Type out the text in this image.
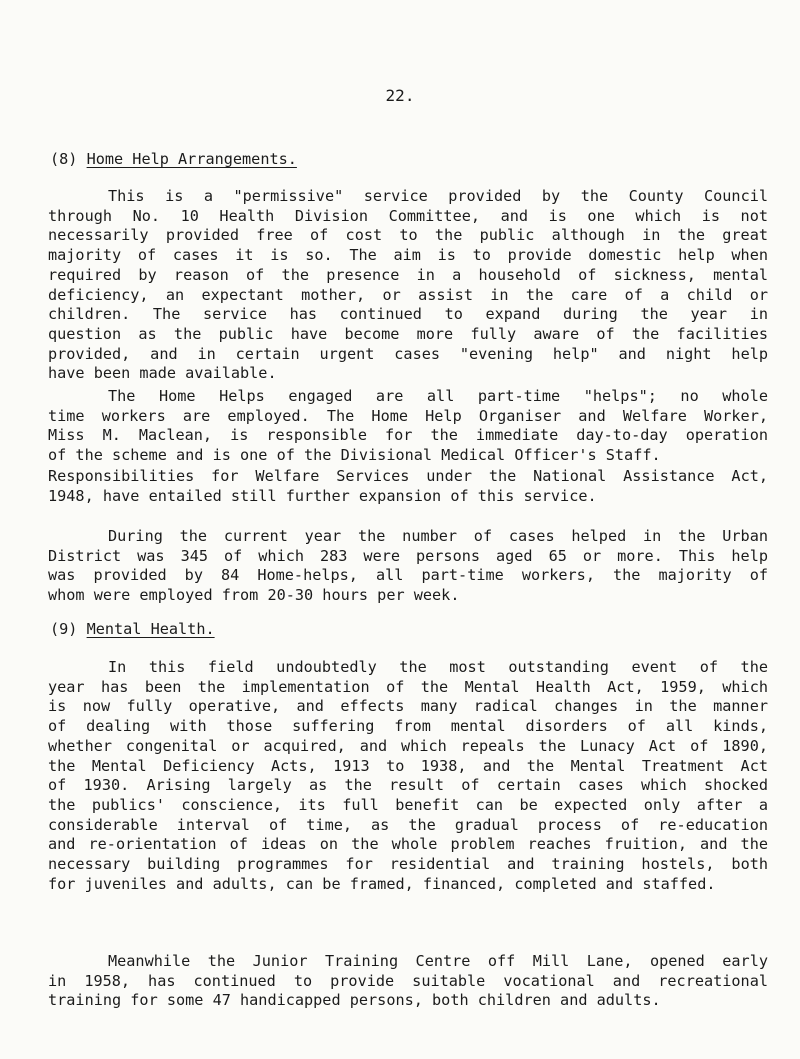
22.
(8) Home Help Arrangements.
This is a "permissive" service provided by the County Council
through No. 10 Health Division Committee, and is one which is not
necessarily provided free of cost to the public although in the great
majority of cases it is so. The aim is to provide domestic help when
required by reason of the presence in a household of sickness, mental
deficiency, an expectant mother, or assist in the care of a child or
children. The service has continued to expand during the year in
question as the public have become more fully aware of the facilities
provided, and in certain urgent cases "evening help" and night help
have been made available.
The Home Helps engaged are all part-time "helps"; no whole
time workers are employed. The Home Help Organiser and Welfare Worker,
Miss M. Maclean, is responsible for the immediate day-to-day operation
of the scheme and is one of the Divisional Medical Officer's Staff.
Responsibilities for Welfare Services under the National Assistance Act,
1948, have entailed still further expansion of this service.
During the current year the number of cases helped in the Urban
District was 345 of which 283 were persons aged 65 or more. This help
was provided by 84 Home-helps, all part-time workers, the majority of
whom were employed from 20-30 hours per week.
(9) Mental Health.
In this field undoubtedly the most outstanding event of the
year has been the implementation of the Mental Health Act, 1959, which
is now fully operative, and effects many radical changes in the manner
of dealing with those suffering from mental disorders of all kinds,
whether congenital or acquired, and which repeals the Lunacy Act of 1890,
the Mental Deficiency Acts, 1913 to 1938, and the Mental Treatment Act
of 1930. Arising largely as the result of certain cases which shocked
the publics' conscience, its full benefit can be expected only after a
considerable interval of time, as the gradual process of re-education
and re-orientation of ideas on the whole problem reaches fruition, and the
necessary building programmes for residential and training hostels, both
for juveniles and adults, can be framed, financed, completed and staffed.
Meanwhile the Junior Training Centre off Mill Lane, opened early
in 1958, has continued to provide suitable vocational and recreational
training for some 47 handicapped persons, both children and adults.
